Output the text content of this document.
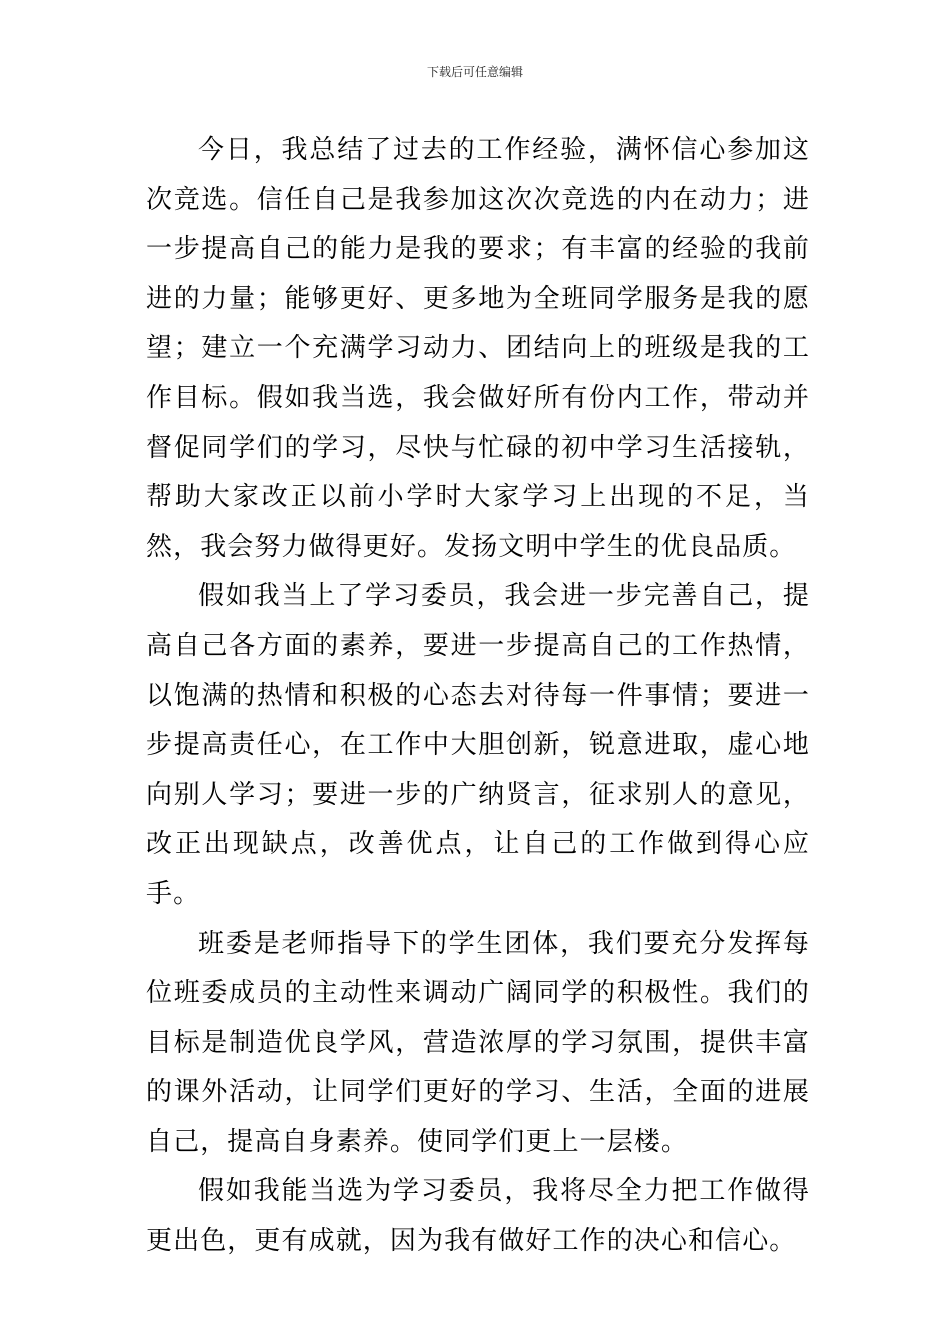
下载后可任意编辑

今日，我总结了过去的工作经验，满怀信心参加这次竞选。信任自己是我参加这次次竞选的内在动力；进一步提高自己的能力是我的要求；有丰富的经验的我前进的力量；能够更好、更多地为全班同学服务是我的愿望；建立一个充满学习动力、团结向上的班级是我的工作目标。假如我当选，我会做好所有份内工作，带动并督促同学们的学习，尽快与忙碌的初中学习生活接轨，帮助大家改正以前小学时大家学习上出现的不足，当然，我会努力做得更好。发扬文明中学生的优良品质。

假如我当上了学习委员，我会进一步完善自己，提高自己各方面的素养，要进一步提高自己的工作热情，以饱满的热情和积极的心态去对待每一件事情；要进一步提高责任心，在工作中大胆创新，锐意进取，虚心地向别人学习；要进一步的广纳贤言，征求别人的意见，改正出现缺点，改善优点，让自己的工作做到得心应手。

班委是老师指导下的学生团体，我们要充分发挥每位班委成员的主动性来调动广阔同学的积极性。我们的目标是制造优良学风，营造浓厚的学习氛围，提供丰富的课外活动，让同学们更好的学习、生活，全面的进展自己，提高自身素养。使同学们更上一层楼。

假如我能当选为学习委员，我将尽全力把工作做得更出色，更有成就，因为我有做好工作的决心和信心。
